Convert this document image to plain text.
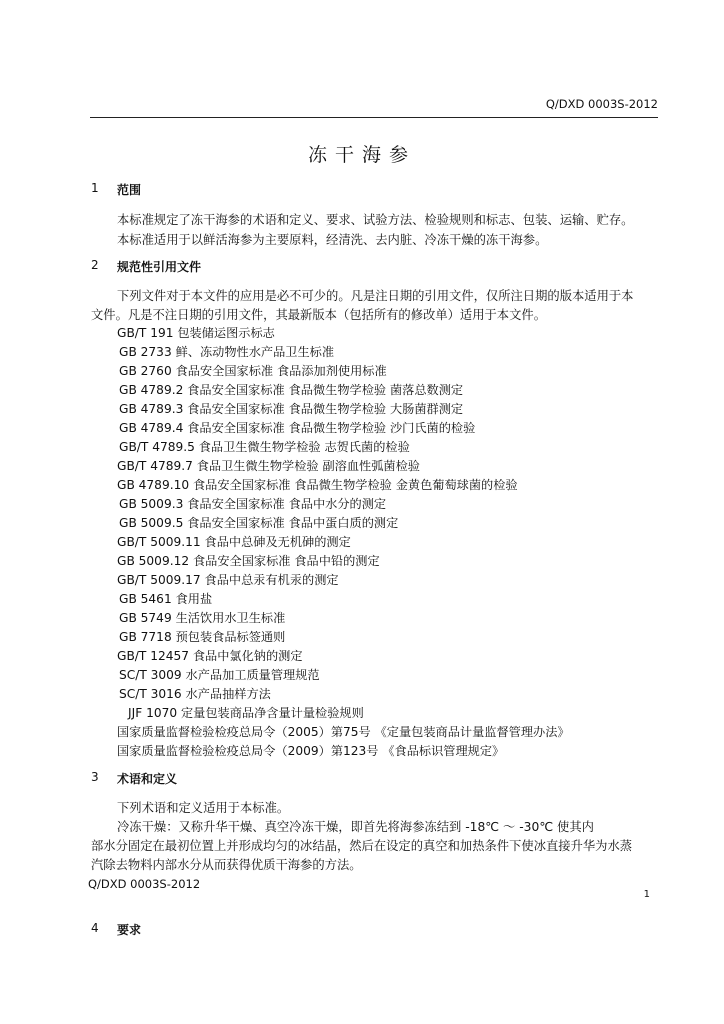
Q/DXD 0003S-2012
冻干海参
1 范围
本标准规定了冻干海参的术语和定义、要求、试验方法、检验规则和标志、包装、运输、贮存。
本标准适用于以鲜活海参为主要原料，经清洗、去内脏、冷冻干燥的冻干海参。
2 规范性引用文件
下列文件对于本文件的应用是必不可少的。凡是注日期的引用文件，仅所注日期的版本适用于本
文件。凡是不注日期的引用文件，其最新版本（包括所有的修改单）适用于本文件。
GB/T 191 包装储运图示标志
GB 2733 鲜、冻动物性水产品卫生标准
GB 2760 食品安全国家标准 食品添加剂使用标准
GB 4789.2 食品安全国家标准 食品微生物学检验 菌落总数测定
GB 4789.3 食品安全国家标准 食品微生物学检验 大肠菌群测定
GB 4789.4 食品安全国家标准 食品微生物学检验 沙门氏菌的检验
GB/T 4789.5 食品卫生微生物学检验 志贺氏菌的检验
GB/T 4789.7 食品卫生微生物学检验 副溶血性弧菌检验
GB 4789.10 食品安全国家标准 食品微生物学检验 金黄色葡萄球菌的检验
GB 5009.3 食品安全国家标准 食品中水分的测定
GB 5009.5 食品安全国家标准 食品中蛋白质的测定
GB/T 5009.11 食品中总砷及无机砷的测定
GB 5009.12 食品安全国家标准 食品中铅的测定
GB/T 5009.17 食品中总汞有机汞的测定
GB 5461 食用盐
GB 5749 生活饮用水卫生标准
GB 7718 预包装食品标签通则
GB/T 12457 食品中氯化钠的测定
SC/T 3009 水产品加工质量管理规范
SC/T 3016 水产品抽样方法
JJF 1070 定量包装商品净含量计量检验规则
国家质量监督检验检疫总局令（2005）第75号 《定量包装商品计量监督管理办法》
国家质量监督检验检疫总局令（2009）第123号 《食品标识管理规定》
3 术语和定义
下列术语和定义适用于本标准。
冷冻干燥：又称升华干燥、真空冷冻干燥，即首先将海参冻结到 -18℃ ～ -30℃ 使其内
部水分固定在最初位置上并形成均匀的冰结晶，然后在设定的真空和加热条件下使冰直接升华为水蒸
汽除去物料内部水分从而获得优质干海参的方法。
Q/DXD 0003S-2012
1
4 要求
